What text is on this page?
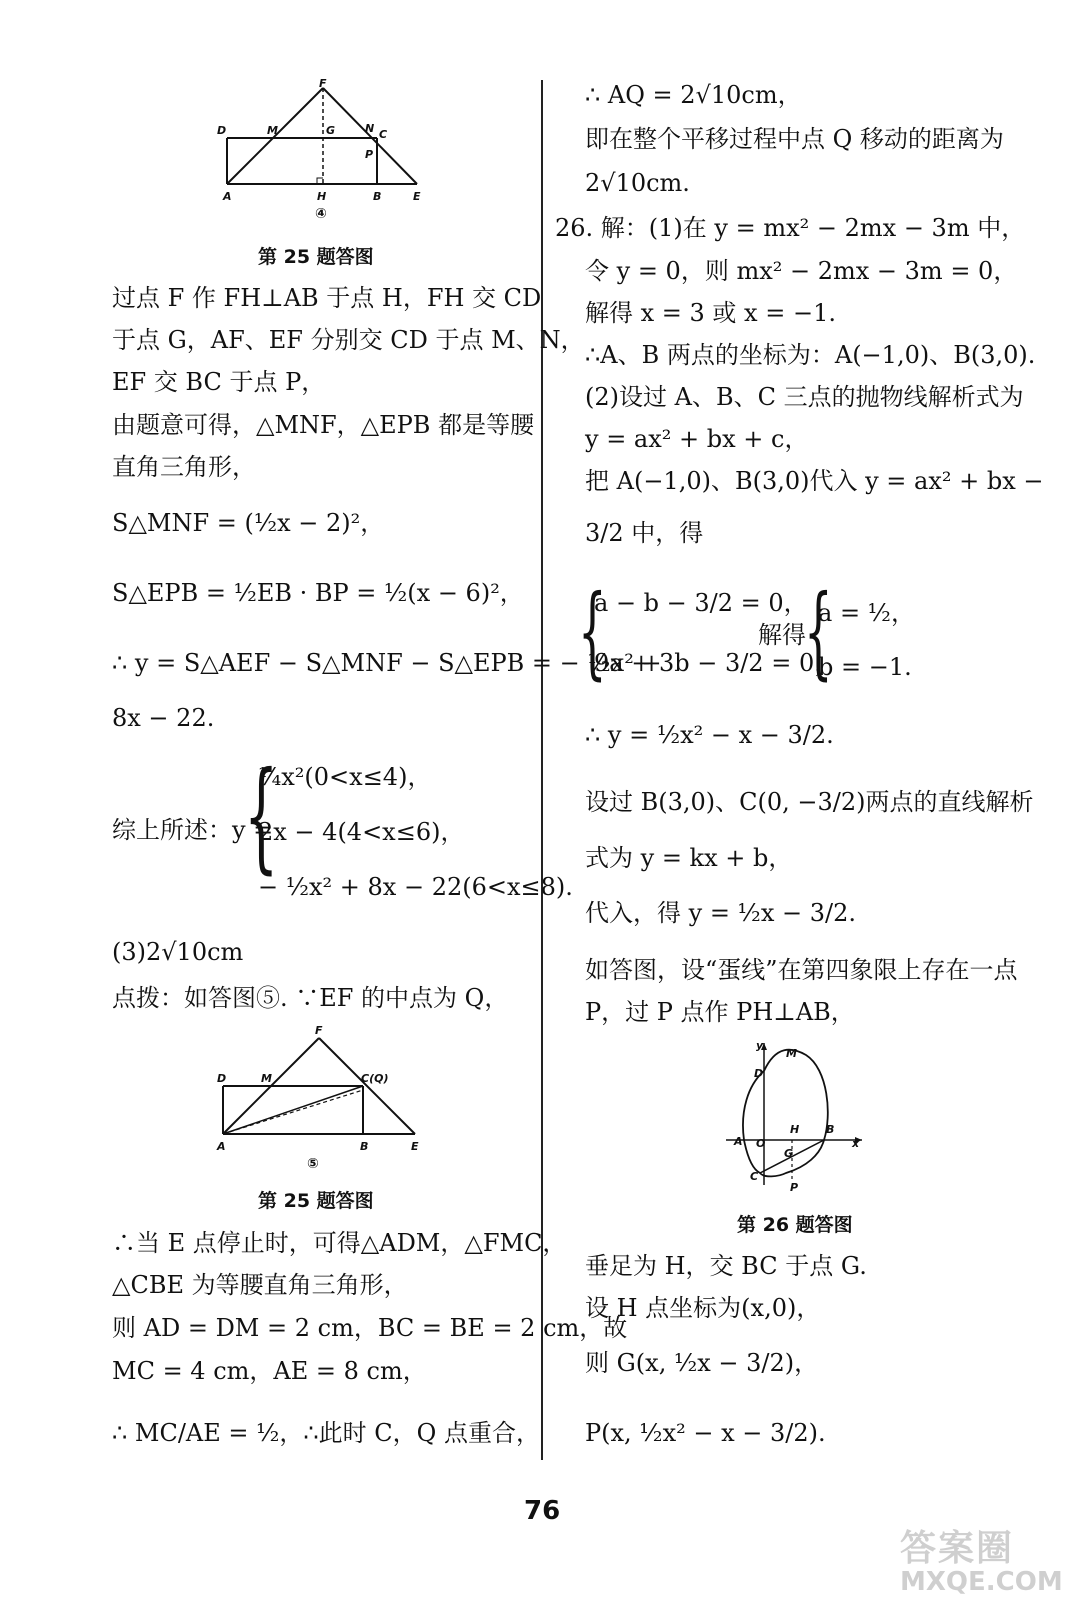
F
D	M	G	N C
P
A	H	B	E
④
第 25 题答图
过点 F 作 FH⊥AB 于点 H，FH 交 CD
于点 G，AF、EF 分别交 CD 于点 M、N，
EF 交 BC 于点 P，
由题意可得，△MNF，△EPB 都是等腰
直角三角形，
S△MNF = (½x − 2)²，
S△EPB = ½EB · BP = ½(x − 6)²，
∴ y = S△AEF − S△MNF − S△EPB = − ½x² +
8x − 22.
综上所述：y =
{
¼x²(0<x≤4)，
2x − 4(4<x≤6)，
− ½x² + 8x − 22(6<x≤8).
(3)2√10cm
点拨：如答图⑤. ∵EF 的中点为 Q，
F
D	M	C(Q)
A	B	E
⑤
第 25 题答图
∴当 E 点停止时，可得△ADM，△FMC，
△CBE 为等腰直角三角形，
则 AD = DM = 2 cm，BC = BE = 2 cm，故
MC = 4 cm，AE = 8 cm，
∴ MC/AE = ½，∴此时 C，Q 点重合，
∴ AQ = 2√10cm，
即在整个平移过程中点 Q 移动的距离为
2√10cm.
26. 解：(1)在 y = mx² − 2mx − 3m 中，
令 y = 0，则 mx² − 2mx − 3m = 0，
解得 x = 3 或 x = −1.
∴A、B 两点的坐标为：A(−1,0)、B(3,0).
(2)设过 A、B、C 三点的抛物线解析式为
y = ax² + bx + c，
把 A(−1,0)、B(3,0)代入 y = ax² + bx −
3/2 中，得
{
a − b − 3/2 = 0，
9a + 3b − 3/2 = 0，
解得
{
a = ½，
b = −1.
∴ y = ½x² − x − 3/2.
设过 B(3,0)、C(0, −3/2)两点的直线解析
式为 y = kx + b，
代入，得 y = ½x − 3/2.
如答图，设“蛋线”在第四象限上存在一点
P，过 P 点作 PH⊥AB，
y
M
D
H B
A O
G
x
C
P
第 26 题答图
垂足为 H，交 BC 于点 G.
设 H 点坐标为(x,0)，
则 G(x, ½x − 3/2)，
P(x, ½x² − x − 3/2).
76
答案圈
MXQE.COM
